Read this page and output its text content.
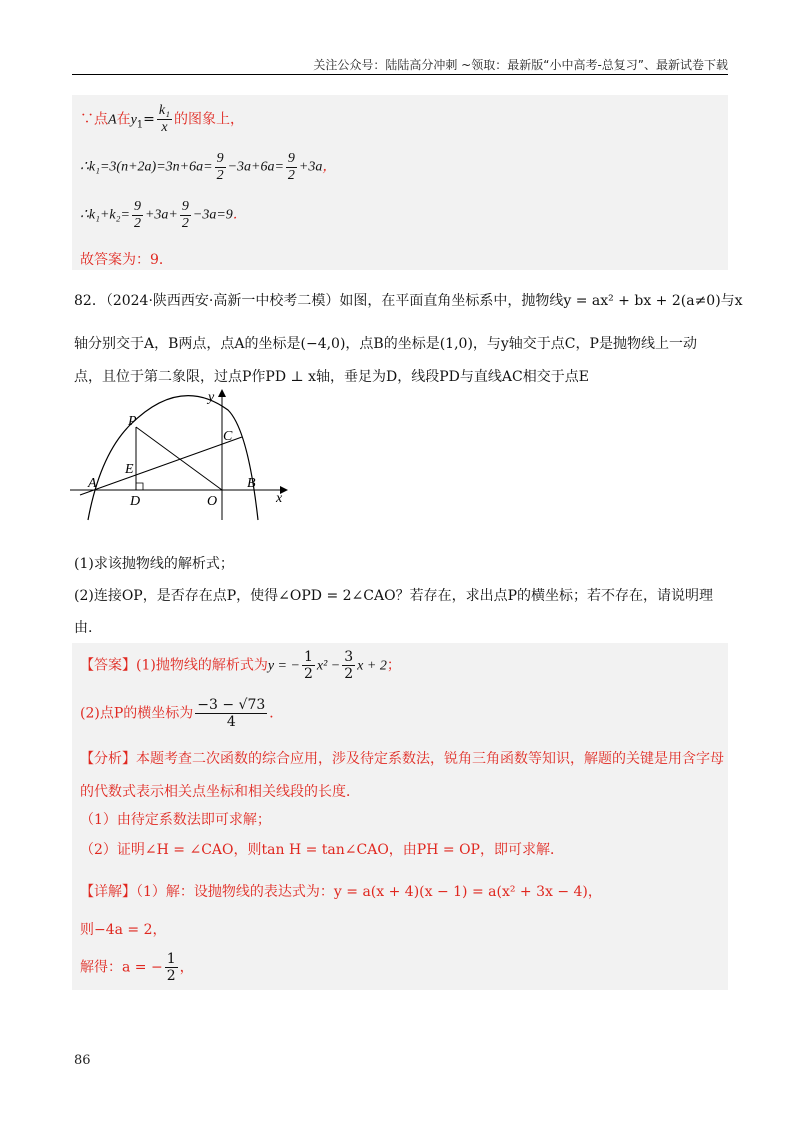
关注公众号：陆陆高分冲刺 ~领取：最新版“小中高考-总复习”、最新试卷下载
∵点A在$y_1= \frac{\text{k₁}}{x}$ 的图象上，
∴k₁=3(n+2a)=3n+6a= $\frac{9}{2} -3a+6a= \frac{9}{2} +3a$，
∴k₁+k₂= $\frac{9}{2} +3a+ \frac{9}{2} -3a=9$．
故答案为：9．
82．（2024·陕西西安·高新一中校考二模）如图，在平面直角坐标系中，抛物线y = ax² + bx + 2(a≠0)与x
轴分别交于A，B两点，点A的坐标是(−4,0)，点B的坐标是(1,0)，与y轴交于点C，P是抛物线上一动
点，且位于第二象限，过点P作PD ⊥ x轴，垂足为D，线段PD与直线AC相交于点E
y
x
P
C
E
A
D	O
B
(1)求该抛物线的解析式；
(2)连接OP，是否存在点P，使得∠OPD = 2∠CAO？若存在，求出点P的横坐标；若不存在，请说明理
由.
【答案】(1)抛物线的解析式为y = − $\frac{1}{2} x^2 - \frac{3}{2}$ x + 2；
(2)点P的横坐标为 $\frac{-3 - √73}{4}$ ．
【分析】本题考查二次函数的综合应用，涉及待定系数法，锐角三角函数等知识，解题的关键是用含字母
的代数式表示相关点坐标和相关线段的长度．
（1）由待定系数法即可求解；
（2）证明∠H = ∠CAO，则tan H = tan∠CAO，由PH = OP，即可求解．
【详解】（1）解：设抛物线的表达式为：y = a(x + 4)(x − 1) = a(x² + 3x − 4)，
则−4a = 2，
解得：a = − $\frac{1}{2}$ ，
86
